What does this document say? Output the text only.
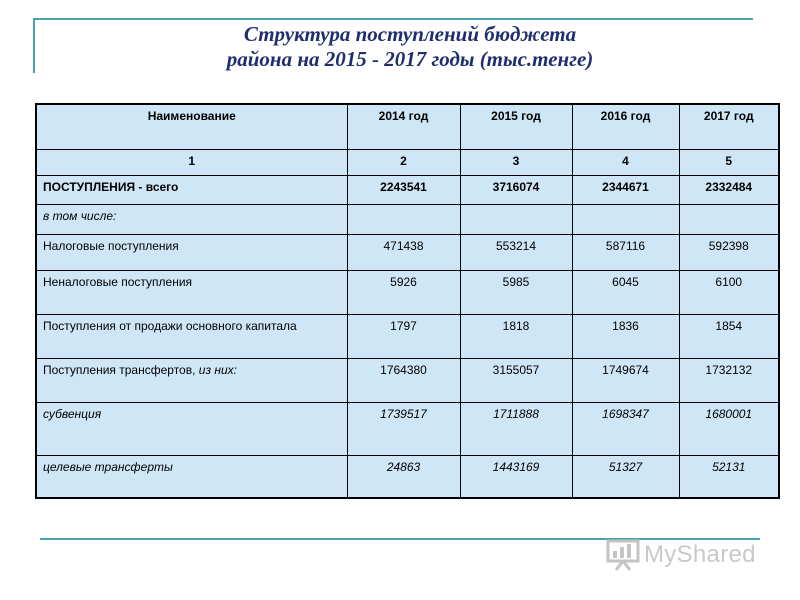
Структура поступлений бюджета
района на 2015 - 2017 годы (тыс.тенге)
Наименование	2014 год	2015 год	2016 год	2017 год
1	2	3	4	5
ПОСТУПЛЕНИЯ - всего	2243541	3716074	2344671	2332484
в том числе:				
Налоговые поступления	471438	553214	587116	592398
Неналоговые поступления	5926	5985	6045	6100
Поступления от продажи основного капитала	1797	1818	1836	1854
Поступления трансфертов, из них:	1764380	3155057	1749674	1732132
субвенция	1739517	1711888	1698347	1680001
целевые трансферты	24863	1443169	51327	52131
MyShared
